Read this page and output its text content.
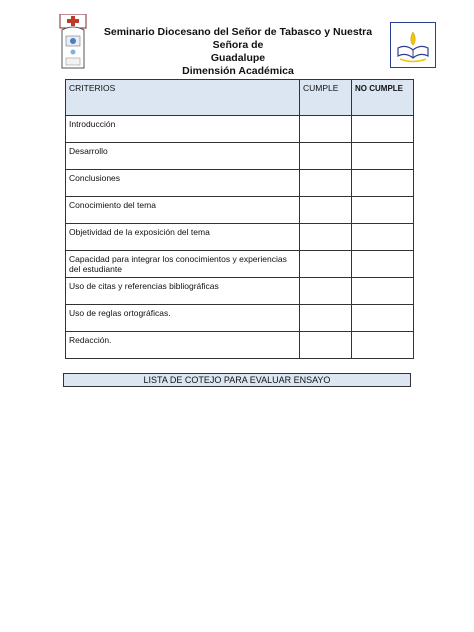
Seminario Diocesano del Señor de Tabasco y Nuestra Señora de
Guadalupe
Dimensión Académica
CRITERIOS	CUMPLE	NO CUMPLE
Introducción		
Desarrollo		
Conclusiones		
Conocimiento del tema		
Objetividad de la exposición del tema		
Capacidad para integrar los conocimientos y experiencias del estudiante		
Uso de citas y referencias bibliográficas		
Uso de reglas ortográficas.		
Redacción.		
LISTA DE COTEJO PARA EVALUAR ENSAYO
